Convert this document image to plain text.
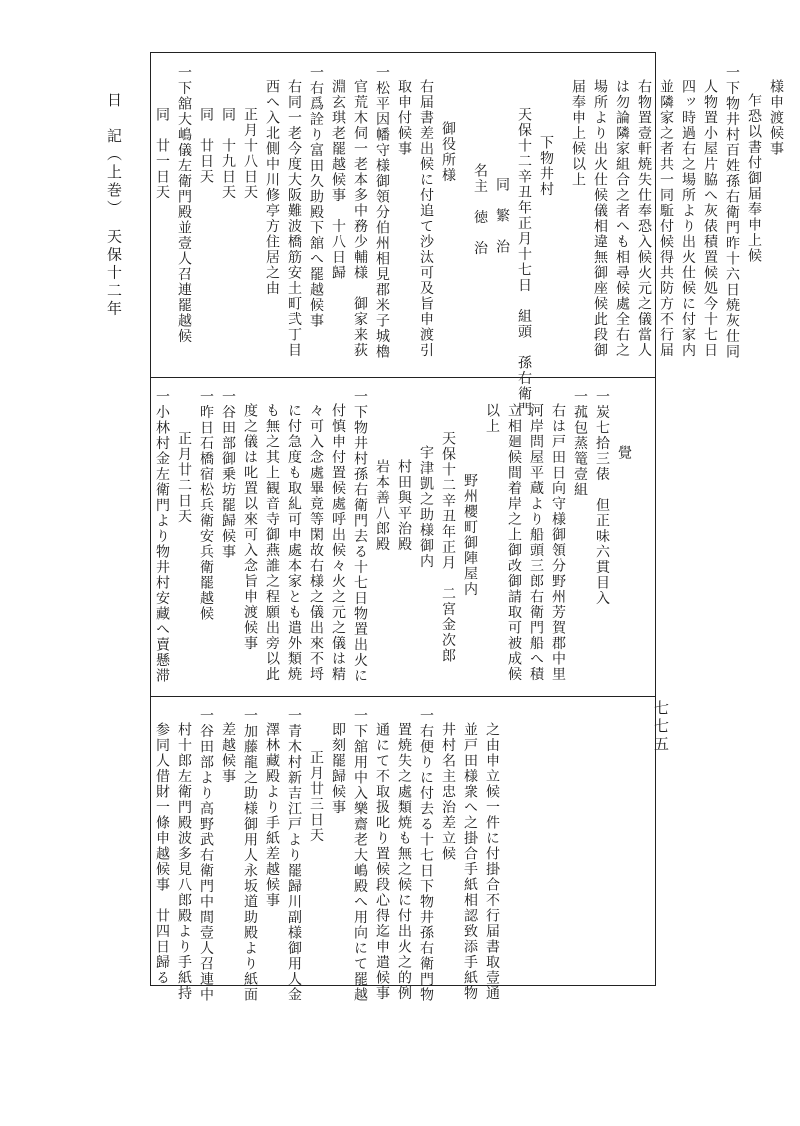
日　記（上巻）　天保十二年
七七五
様申渡候事
乍恐以書付御届奉申上候
一下物井村百姓孫右衛門昨十六日焼灰仕同
人物置小屋片脇へ灰俵積置候処今十七日
四ッ時過右之場所より出火仕候に付家内
並隣家之者共一同駈付候得共防方不行届
右物置壹軒焼失仕奉恐入候火元之儀當人
は勿論隣家組合之者へも相尋候處全右之
場所より出火仕候儀相違無御座候此段御
届奉申上候以上
下物井村
天保十二辛丑年正月十七日　組頭　孫右衛門
同　繁　治
名主　徳　治
御役所様
右届書差出候に付追て沙汰可及旨申渡引
取申付候事
一松平因幡守様御領分伯州相見郡米子城櫓
官荒木伺一老本多中務少輔様　御家来荻
淵玄琪老罷越候事　十八日歸
一右爲詮り富田久助殿下舘へ罷越候事
右同一老今度大阪難波橋筋安土町弐丁目
西へ入北側中川修亭方住居之由
正月十八日天
同　十九日天
同　廿日天
一下舘大嶋儀左衛門殿並壹人召連罷越候
同　廿一日天
覺
一炭七拾三俵　但正味六貫目入
一菰包蒸篭壹組
右は戸田日向守様御領分野州芳賀郡中里
河岸問屋平蔵より船頭三郎右衛門船へ積
立相廻候間着岸之上御改御請取可被成候
以上
野州櫻町御陣屋内
天保十二辛丑年正月　二宮金次郎
宇津凱之助様御内
村田與平治殿
岩本善八郎殿
一下物井村孫右衛門去る十七日物置出火に
付慎申付置候處呼出候々火之元之儀は精
々可入念處畢竟等閑故右様之儀出來不埒
に付急度も取糺可申處本家とも遣外類焼
も無之其上観音寺御燕誰之程願出旁以此
度之儀は叱置以來可入念旨申渡候事
一谷田部御乗坊罷歸候事
一昨日石橋宿松兵衛安兵衛罷越候
正月廿二日天
一小林村金左衛門より物井村安藏へ賣懸滞
之由申立候一件に付掛合不行届書取壹通
並戸田様衆へ之掛合手紙相認致添手紙物
井村名主忠治差立候
一右便りに付去る十七日下物井孫右衛門物
置焼失之處類焼も無之候に付出火之的例
通にて不取扱叱り置候段心得迄申遣候事
一下舘用中入樂齋老大嶋殿へ用向にて罷越
即刻罷歸候事
正月廿三日天
一青木村新吉江戸より罷歸川副様御用人金
澤林藏殿より手紙差越候事
一加藤龍之助様御用人永坂道助殿より紙面
差越候事
一谷田部より高野武右衛門中間壹人召連中
村十郎左衛門殿波多見八郎殿より手紙持
参同人借財一條申越候事　廿四日歸る
